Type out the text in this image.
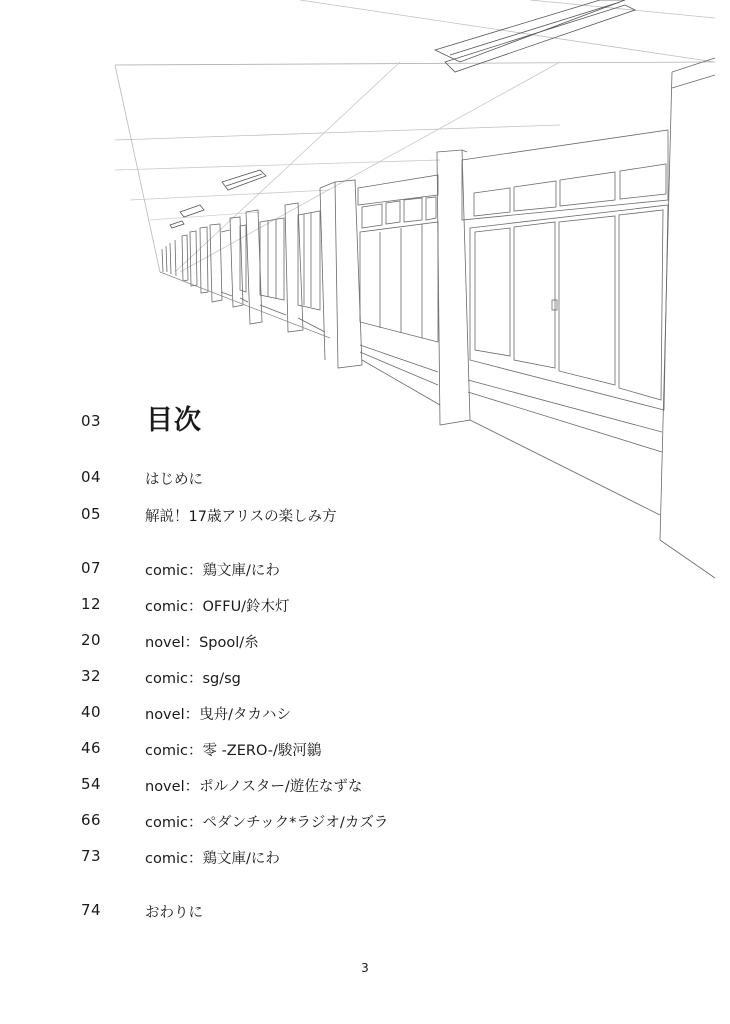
03 目次
04	はじめに
05	解説！17歳アリスの楽しみ方
07	comic：鶏文庫/にわ
12	comic：OFFU/鈴木灯
20	novel：Spool/糸
32	comic：sg/sg
40	novel：曳舟/タカハシ
46	comic：零 -ZERO-/駿河鶲
54	novel：ポルノスター/遊佐なずな
66	comic：ペダンチック*ラジオ/カズラ
73	comic：鶏文庫/にわ
74	おわりに
3
